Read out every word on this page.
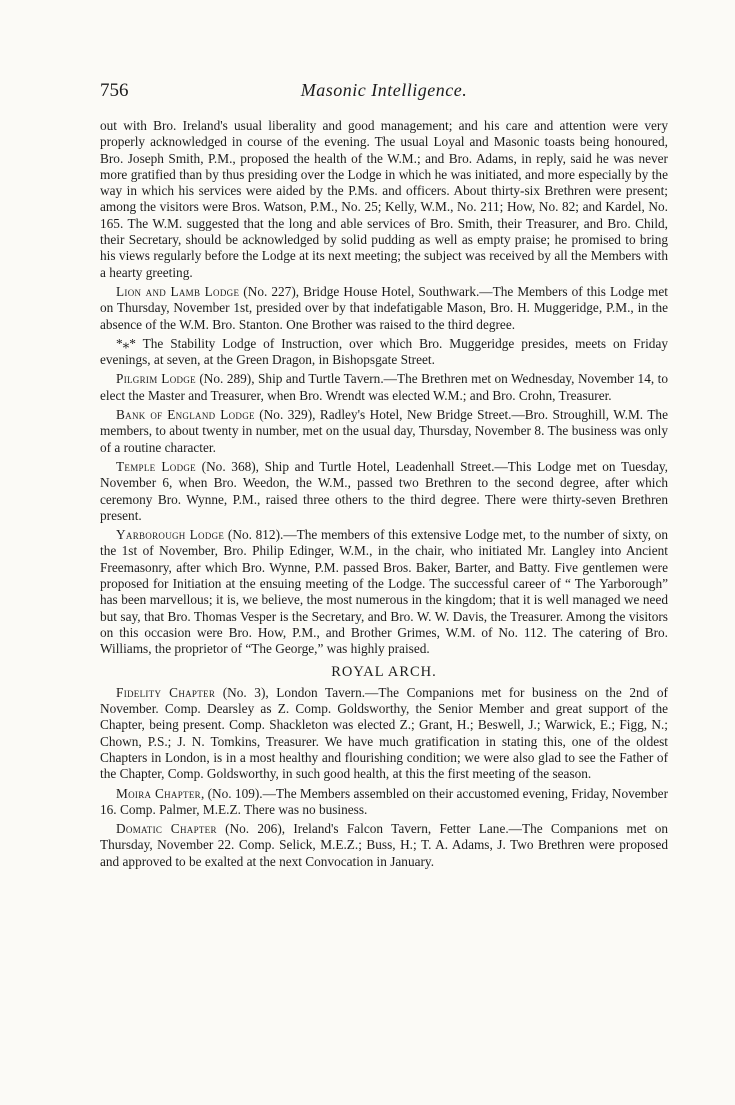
756	Masonic Intelligence.

out with Bro. Ireland's usual liberality and good management; and his care and attention were very properly acknowledged in course of the evening. The usual Loyal and Masonic toasts being honoured, Bro. Joseph Smith, P.M., proposed the health of the W.M.; and Bro. Adams, in reply, said he was never more gratified than by thus presiding over the Lodge in which he was initiated, and more especially by the way in which his services were aided by the P.Ms. and officers. About thirty-six Brethren were present; among the visitors were Bros. Watson, P.M., No. 25; Kelly, W.M., No. 211; How, No. 82; and Kardel, No. 165. The W.M. suggested that the long and able services of Bro. Smith, their Treasurer, and Bro. Child, their Secretary, should be acknowledged by solid pudding as well as empty praise; he promised to bring his views regularly before the Lodge at its next meeting; the subject was received by all the Members with a hearty greeting.

Lion and Lamb Lodge (No. 227), Bridge House Hotel, Southwark.—The Members of this Lodge met on Thursday, November 1st, presided over by that indefatigable Mason, Bro. H. Muggeridge, P.M., in the absence of the W.M. Bro. Stanton. One Brother was raised to the third degree.

*⁎* The Stability Lodge of Instruction, over which Bro. Muggeridge presides, meets on Friday evenings, at seven, at the Green Dragon, in Bishopsgate Street.

Pilgrim Lodge (No. 289), Ship and Turtle Tavern.—The Brethren met on Wednesday, November 14, to elect the Master and Treasurer, when Bro. Wrendt was elected W.M.; and Bro. Crohn, Treasurer.

Bank of England Lodge (No. 329), Radley's Hotel, New Bridge Street.—Bro. Stroughill, W.M. The members, to about twenty in number, met on the usual day, Thursday, November 8. The business was only of a routine character.

Temple Lodge (No. 368), Ship and Turtle Hotel, Leadenhall Street.—This Lodge met on Tuesday, November 6, when Bro. Weedon, the W.M., passed two Brethren to the second degree, after which ceremony Bro. Wynne, P.M., raised three others to the third degree. There were thirty-seven Brethren present.

Yarborough Lodge (No. 812).—The members of this extensive Lodge met, to the number of sixty, on the 1st of November, Bro. Philip Edinger, W.M., in the chair, who initiated Mr. Langley into Ancient Freemasonry, after which Bro. Wynne, P.M. passed Bros. Baker, Barter, and Batty. Five gentlemen were proposed for Initiation at the ensuing meeting of the Lodge. The successful career of “ The Yarborough” has been marvellous; it is, we believe, the most numerous in the kingdom; that it is well managed we need but say, that Bro. Thomas Vesper is the Secretary, and Bro. W. W. Davis, the Treasurer. Among the visitors on this occasion were Bro. How, P.M., and Brother Grimes, W.M. of No. 112. The catering of Bro. Williams, the proprietor of “The George,” was highly praised.

ROYAL ARCH.

Fidelity Chapter (No. 3), London Tavern.—The Companions met for business on the 2nd of November. Comp. Dearsley as Z. Comp. Goldsworthy, the Senior Member and great support of the Chapter, being present. Comp. Shackleton was elected Z.; Grant, H.; Beswell, J.; Warwick, E.; Figg, N.; Chown, P.S.; J. N. Tomkins, Treasurer. We have much gratification in stating this, one of the oldest Chapters in London, is in a most healthy and flourishing condition; we were also glad to see the Father of the Chapter, Comp. Goldsworthy, in such good health, at this the first meeting of the season.

Moira Chapter, (No. 109).—The Members assembled on their accustomed evening, Friday, November 16. Comp. Palmer, M.E.Z. There was no business.

Domatic Chapter (No. 206), Ireland's Falcon Tavern, Fetter Lane.—The Companions met on Thursday, November 22. Comp. Selick, M.E.Z.; Buss, H.; T. A. Adams, J. Two Brethren were proposed and approved to be exalted at the next Convocation in January.
